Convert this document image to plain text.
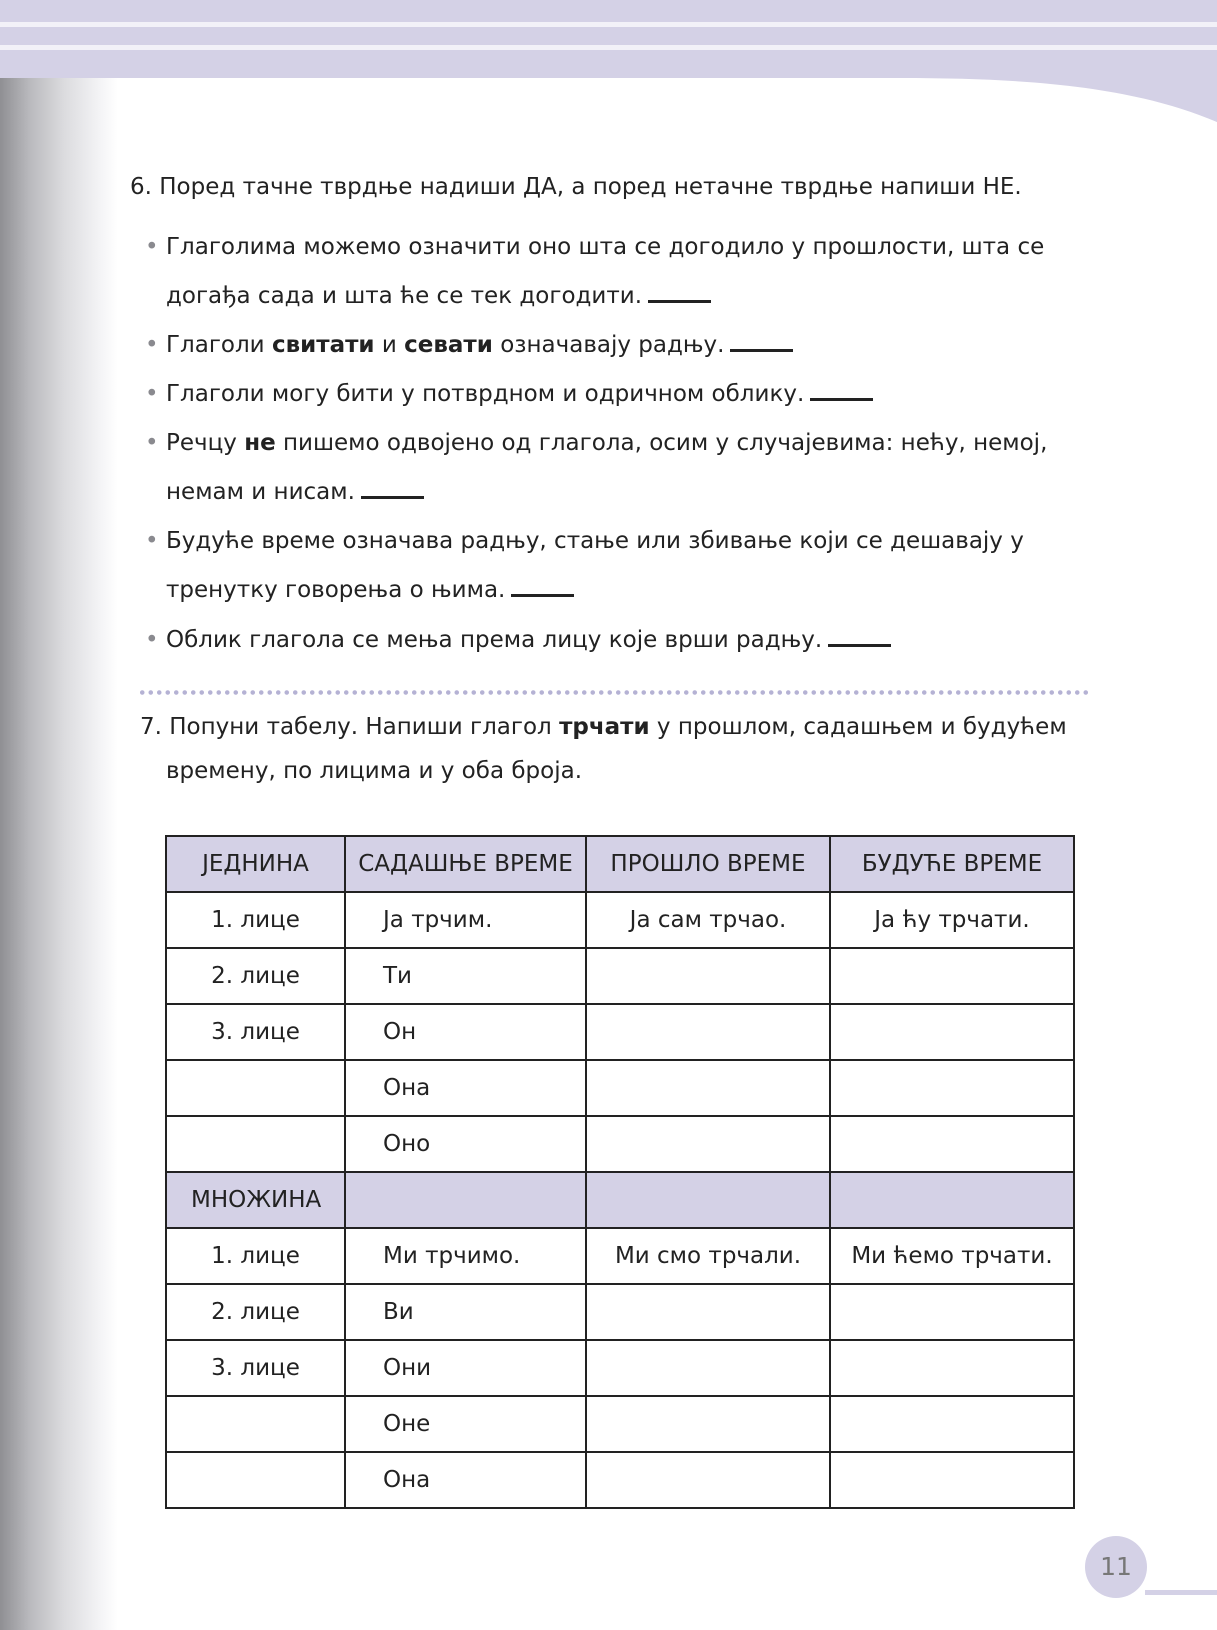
6. Поред тачне тврдње надиши ДА, а поред нетачне тврдње напиши НЕ.
• Глаголима можемо означити оно шта се догодило у прошлости, шта се догађа сада и шта ће се тек догодити.
• Глаголи свитати и севати означавају радњу.
• Глаголи могу бити у потврдном и одричном облику.
• Речцу не пишемо одвојено од глагола, осим у случајевима: нећу, немој, немам и нисам.
• Будуће време означава радњу, стање или збивање који се дешавају у тренутку говорења о њима.
• Облик глагола се мења према лицу које врши радњу.
7. Попуни табелу. Напиши глагол трчати у прошлом, садашњем и будућем
времену, по лицима и у оба броја.
ЈЕДНИНА	САДАШЊЕ ВРЕМЕ	ПРОШЛО ВРЕМЕ	БУДУЋЕ ВРЕМЕ
1. лице	Ја трчим.	Ја сам трчао.	Ја ћу трчати.
2. лице	Ти		
3. лице	Он		
	Она		
	Оно		
МНОЖИНА			
1. лице	Ми трчимо.	Ми смо трчали.	Ми ћемо трчати.
2. лице	Ви		
3. лице	Они		
	Оне		
	Она		
11
